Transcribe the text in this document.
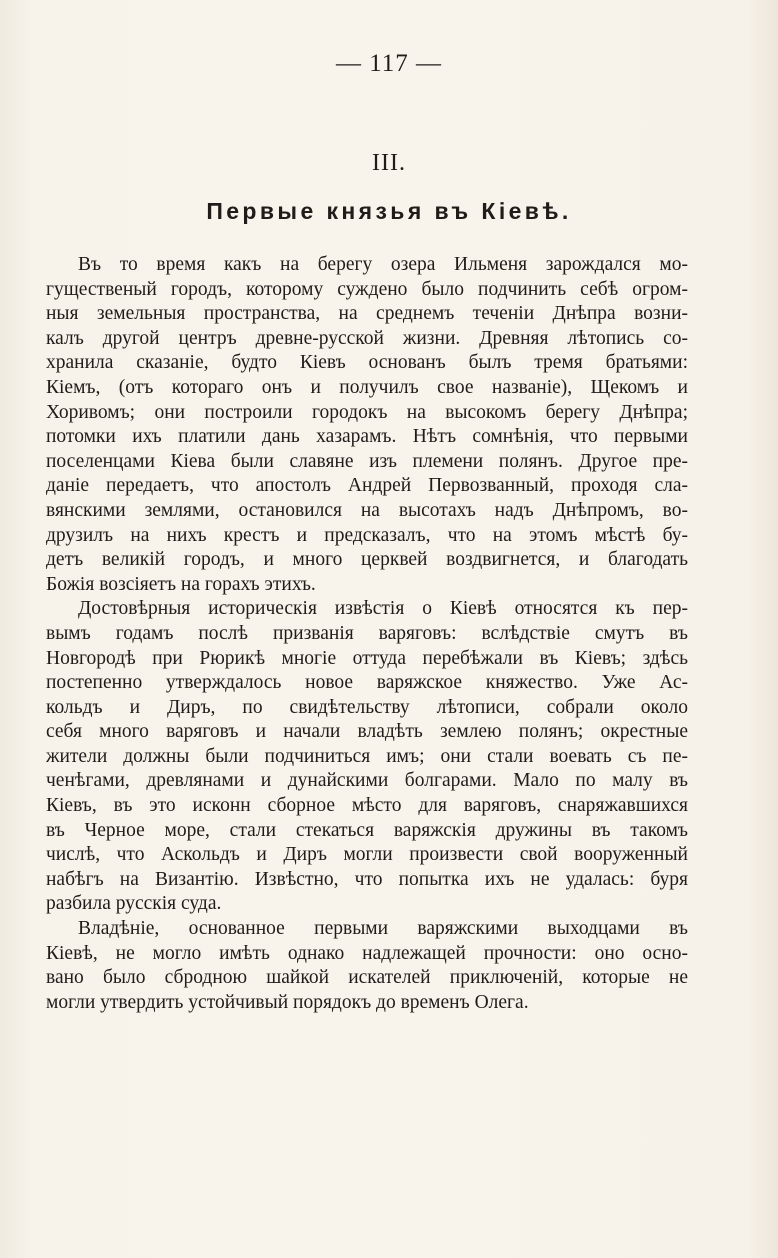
— 117 —
III.
Первые князья въ Кіевѣ.
Въ то время какъ на берегу озера Ильменя зарождался мо-
гущественый городъ, которому суждено было подчинить себѣ огром-
ныя земельныя пространства, на среднемъ теченіи Днѣпра возни-
калъ другой центръ древне-русской жизни. Древняя лѣтопись со-
хранила сказаніе, будто Кіевъ основанъ былъ тремя братьями:
Кіемъ, (отъ котораго онъ и получилъ свое названіе), Щекомъ и
Хоривомъ; они построили городокъ на высокомъ берегу Днѣпра;
потомки ихъ платили дань хазарамъ. Нѣтъ сомнѣнія, что первыми
поселенцами Кіева были славяне изъ племени полянъ. Другое пре-
даніе передаетъ, что апостолъ Андрей Первозванный, проходя сла-
вянскими землями, остановился на высотахъ надъ Днѣпромъ, во-
друзилъ на нихъ крестъ и предсказалъ, что на этомъ мѣстѣ бу-
детъ великій городъ, и много церквей воздвигнется, и благодать
Божія возсіяетъ на горахъ этихъ.
Достовѣрныя историческія извѣстія о Кіевѣ относятся къ пер-
вымъ годамъ послѣ призванія варяговъ: вслѣдствіе смутъ въ
Новгородѣ при Рюрикѣ многіе оттуда перебѣжали въ Кіевъ; здѣсь
постепенно утверждалось новое варяжское княжество. Уже Ас-
кольдъ и Диръ, по свидѣтельству лѣтописи, собрали около
себя много варяговъ и начали владѣть землею полянъ; окрестные
жители должны были подчиниться имъ; они стали воевать съ пе-
ченѣгами, древлянами и дунайскими болгарами. Мало по малу въ
Кіевъ, въ это исконн сборное мѣсто для варяговъ, снаряжавшихся
въ Черное море, стали стекаться варяжскія дружины въ такомъ
числѣ, что Аскольдъ и Диръ могли произвести свой вооруженный
набѣгъ на Византію. Извѣстно, что попытка ихъ не удалась: буря
разбила русскія суда.
Владѣніе, основанное первыми варяжскими выходцами въ
Кіевѣ, не могло имѣть однако надлежащей прочности: оно осно-
вано было сбродною шайкой искателей приключеній, которые не
могли утвердить устойчивый порядокъ до временъ Олега.
